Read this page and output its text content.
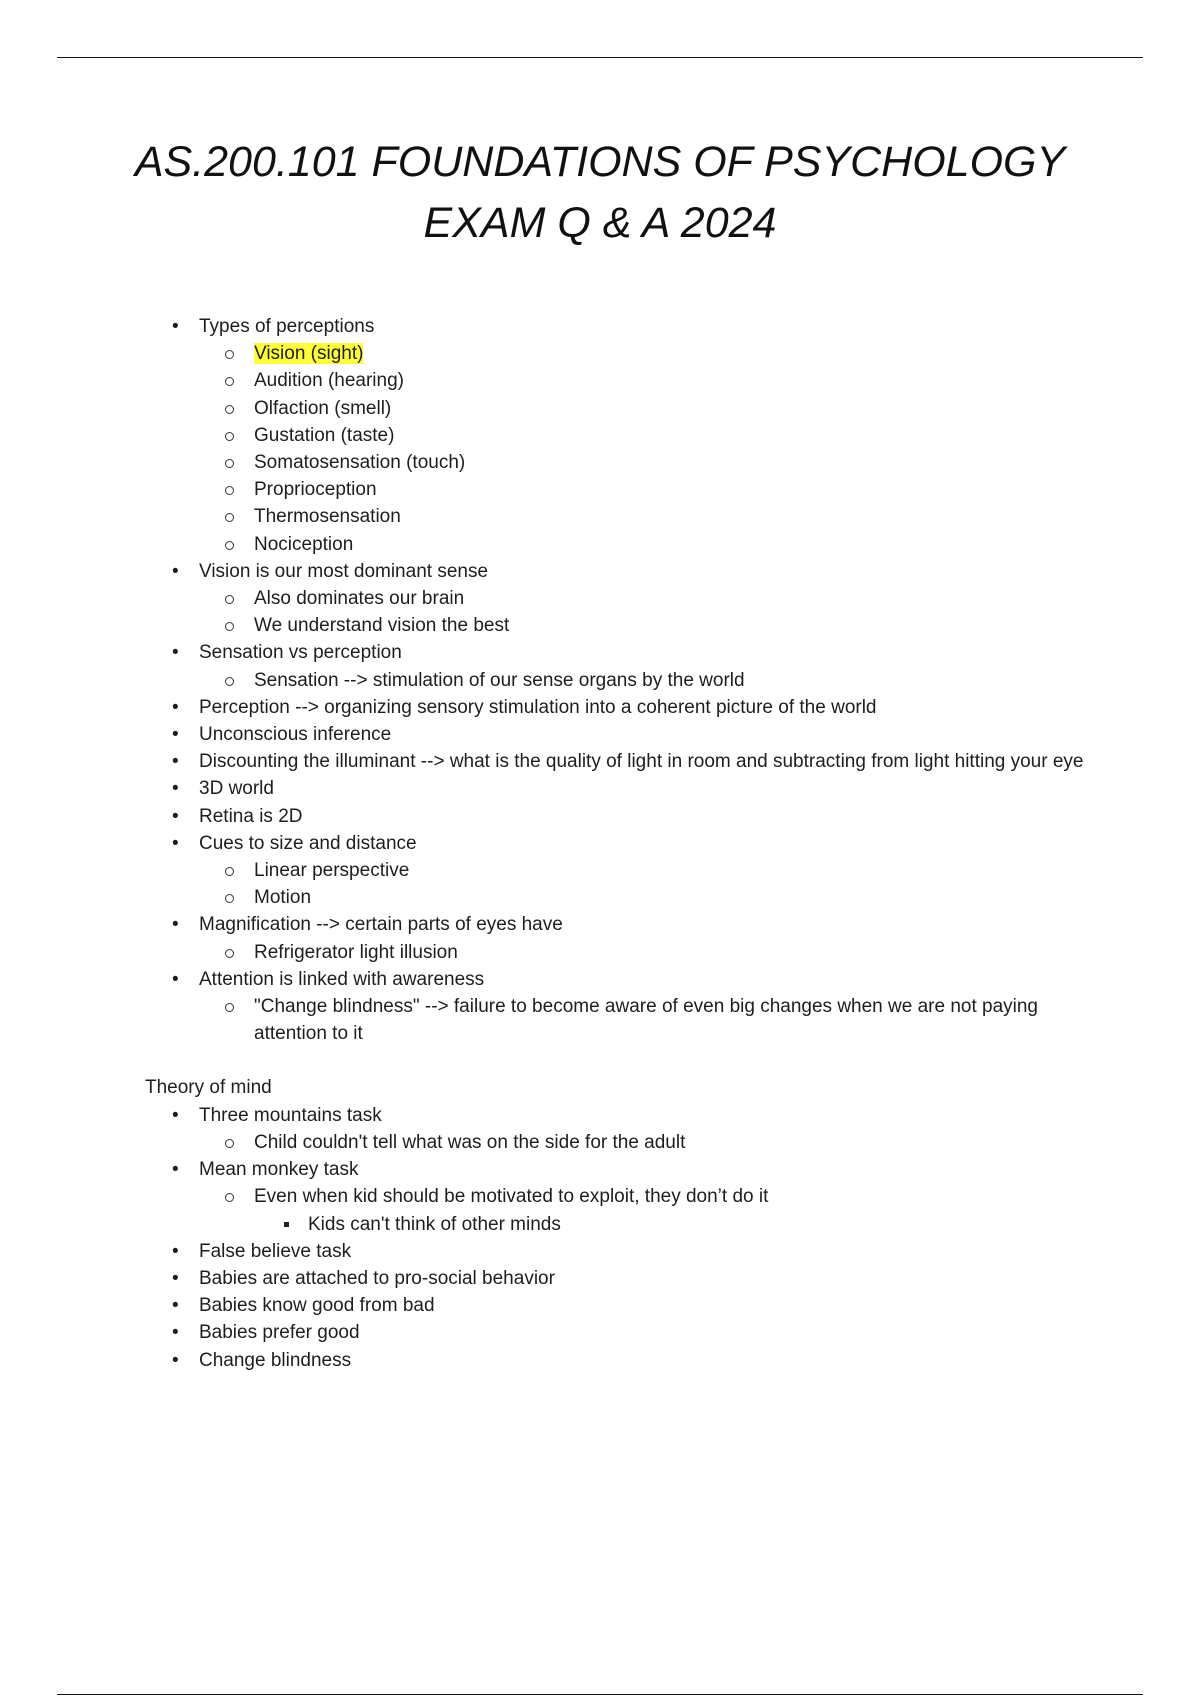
AS.200.101 FOUNDATIONS OF PSYCHOLOGY
EXAM Q & A 2024
• Types of perceptions
Vision (sight)
Audition (hearing)
Olfaction (smell)
Gustation (taste)
Somatosensation (touch)
Proprioception
Thermosensation
Nociception
• Vision is our most dominant sense
Also dominates our brain
We understand vision the best
• Sensation vs perception
Sensation --> stimulation of our sense organs by the world
• Perception --> organizing sensory stimulation into a coherent picture of the world
• Unconscious inference
• Discounting the illuminant --> what is the quality of light in room and subtracting from light hitting your eye
• 3D world
• Retina is 2D
• Cues to size and distance
Linear perspective
Motion
• Magnification --> certain parts of eyes have
Refrigerator light illusion
• Attention is linked with awareness
"Change blindness" --> failure to become aware of even big changes when we are not paying attention to it
Theory of mind
• Three mountains task
Child couldn't tell what was on the side for the adult
• Mean monkey task
Even when kid should be motivated to exploit, they don’t do it
Kids can't think of other minds
• False believe task
• Babies are attached to pro-social behavior
• Babies know good from bad
• Babies prefer good
• Change blindness
